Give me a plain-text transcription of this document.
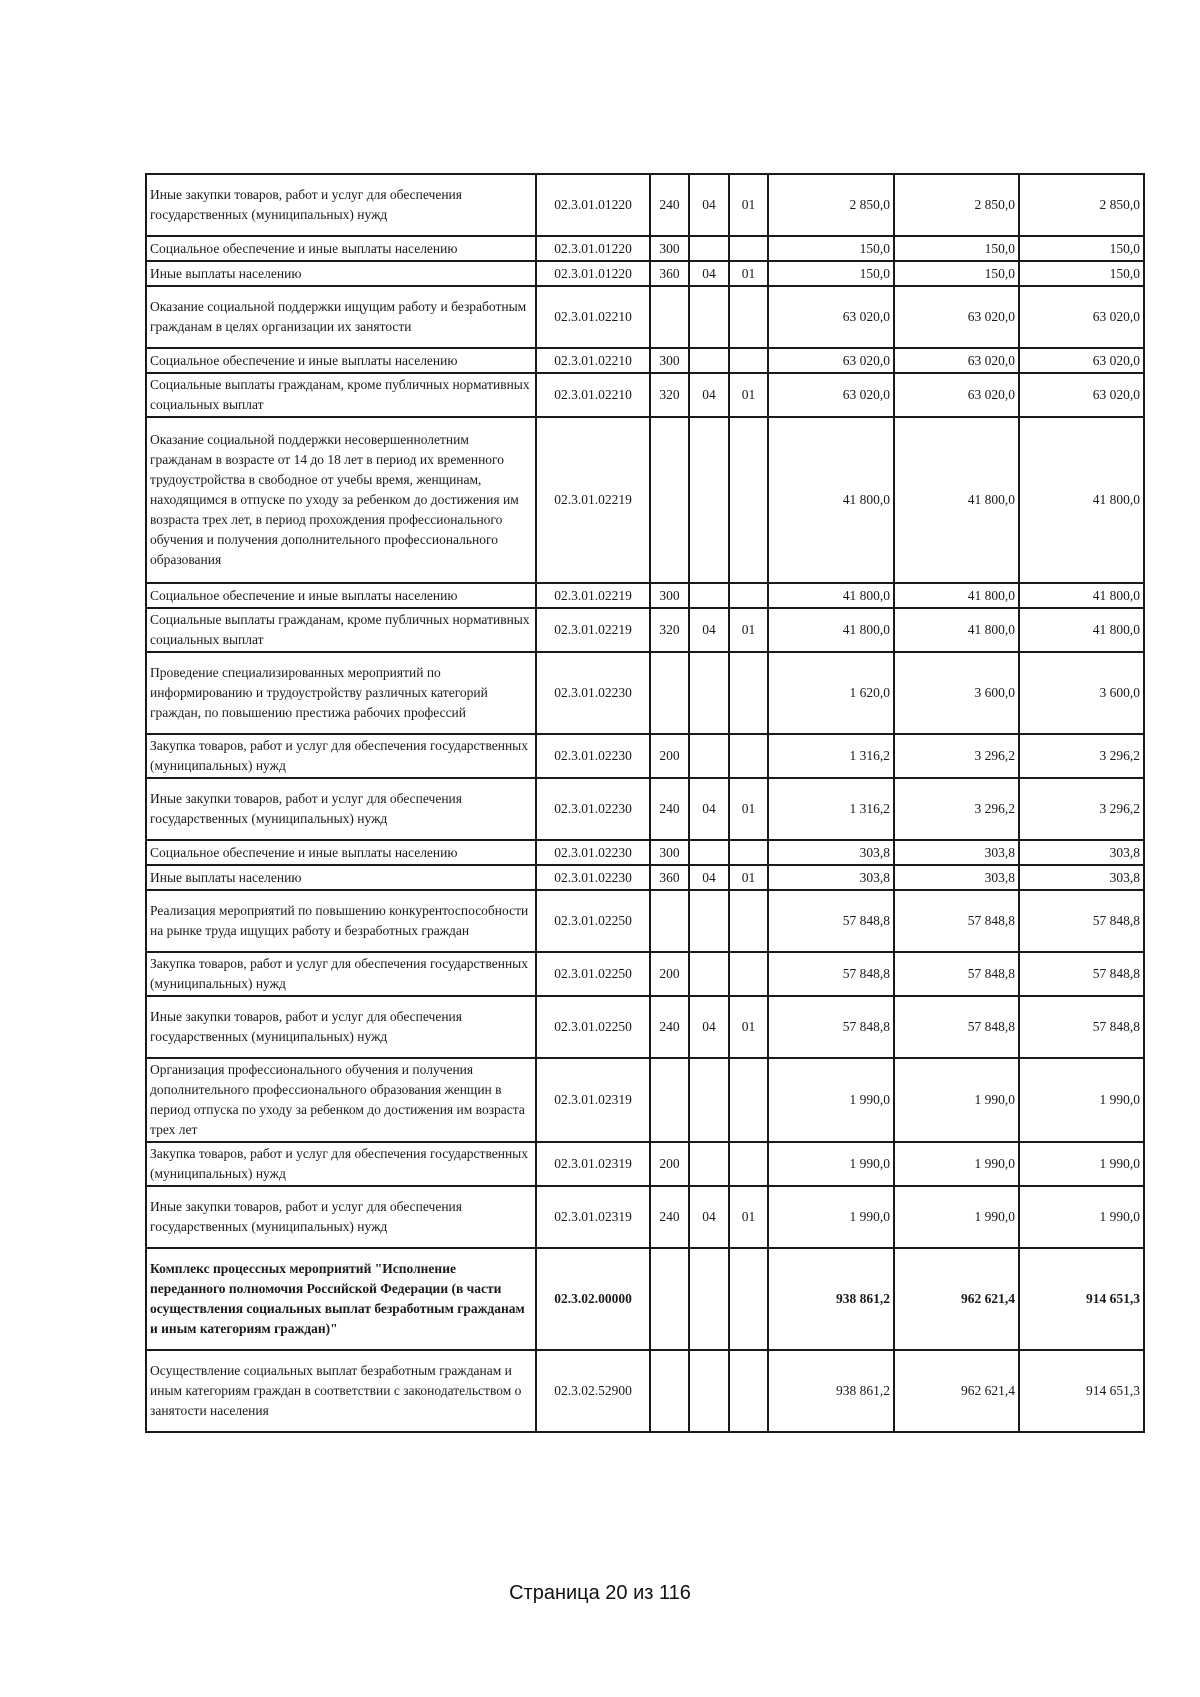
Иные закупки товаров, работ и услуг для обеспечения государственных (муниципальных) нужд	02.3.01.01220	240	04	01	2 850,0	2 850,0	2 850,0
Социальное обеспечение и иные выплаты населению	02.3.01.01220	300			150,0	150,0	150,0
Иные выплаты населению	02.3.01.01220	360	04	01	150,0	150,0	150,0
Оказание социальной поддержки ищущим работу и безработным гражданам в целях организации их занятости	02.3.01.02210				63 020,0	63 020,0	63 020,0
Социальное обеспечение и иные выплаты населению	02.3.01.02210	300			63 020,0	63 020,0	63 020,0
Социальные выплаты гражданам, кроме публичных нормативных социальных выплат	02.3.01.02210	320	04	01	63 020,0	63 020,0	63 020,0
Оказание социальной поддержки несовершеннолетним гражданам в возрасте от 14 до 18 лет в период их временного трудоустройства в свободное от учебы время, женщинам, находящимся в отпуске по уходу за ребенком до достижения им возраста трех лет, в период прохождения профессионального обучения и получения дополнительного профессионального образования	02.3.01.02219				41 800,0	41 800,0	41 800,0
Социальное обеспечение и иные выплаты населению	02.3.01.02219	300			41 800,0	41 800,0	41 800,0
Социальные выплаты гражданам, кроме публичных нормативных социальных выплат	02.3.01.02219	320	04	01	41 800,0	41 800,0	41 800,0
Проведение специализированных мероприятий по информированию и трудоустройству различных категорий граждан, по повышению престижа рабочих профессий	02.3.01.02230				1 620,0	3 600,0	3 600,0
Закупка товаров, работ и услуг для обеспечения государственных (муниципальных) нужд	02.3.01.02230	200			1 316,2	3 296,2	3 296,2
Иные закупки товаров, работ и услуг для обеспечения государственных (муниципальных) нужд	02.3.01.02230	240	04	01	1 316,2	3 296,2	3 296,2
Социальное обеспечение и иные выплаты населению	02.3.01.02230	300			303,8	303,8	303,8
Иные выплаты населению	02.3.01.02230	360	04	01	303,8	303,8	303,8
Реализация мероприятий по повышению конкурентоспособности на рынке труда ищущих работу и безработных граждан	02.3.01.02250				57 848,8	57 848,8	57 848,8
Закупка товаров, работ и услуг для обеспечения государственных (муниципальных) нужд	02.3.01.02250	200			57 848,8	57 848,8	57 848,8
Иные закупки товаров, работ и услуг для обеспечения государственных (муниципальных) нужд	02.3.01.02250	240	04	01	57 848,8	57 848,8	57 848,8
Организация профессионального обучения и получения дополнительного профессионального образования женщин в период отпуска по уходу за ребенком до достижения им возраста трех лет	02.3.01.02319				1 990,0	1 990,0	1 990,0
Закупка товаров, работ и услуг для обеспечения государственных (муниципальных) нужд	02.3.01.02319	200			1 990,0	1 990,0	1 990,0
Иные закупки товаров, работ и услуг для обеспечения государственных (муниципальных) нужд	02.3.01.02319	240	04	01	1 990,0	1 990,0	1 990,0
Комплекс процессных мероприятий "Исполнение переданного полномочия Российской Федерации (в части осуществления социальных выплат безработным гражданам и иным категориям граждан)"	02.3.02.00000				938 861,2	962 621,4	914 651,3
Осуществление социальных выплат безработным гражданам и иным категориям граждан в соответствии с законодательством о занятости населения	02.3.02.52900				938 861,2	962 621,4	914 651,3
Страница 20 из 116
